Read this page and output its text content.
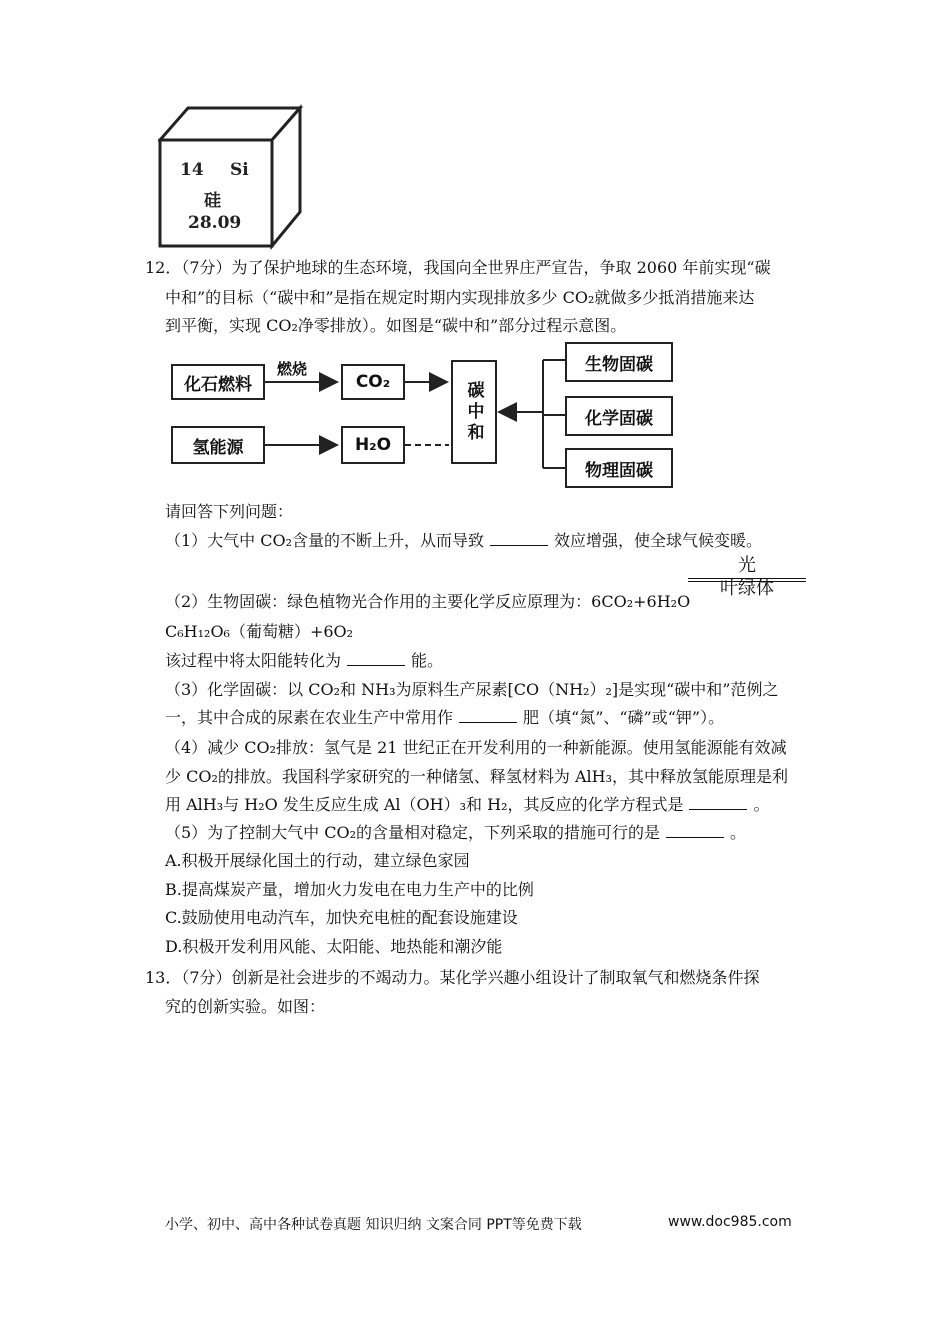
14 Si
硅
28.09
12．（7分）为了保护地球的生态环境，我国向全世界庄严宣告，争取 2060 年前实现“碳
中和”的目标（“碳中和”是指在规定时期内实现排放多少 CO₂就做多少抵消措施来达
到平衡，实现 CO₂净零排放）。如图是“碳中和”部分过程示意图。
化石燃料
燃烧
CO₂
氢能源	H₂O
碳中和
生物固碳
化学固碳
物理固碳
请回答下列问题：
（1）大气中 CO₂含量的不断上升，从而导致	效应增强，使全球气候变暖。
光
叶绿体
（2）生物固碳：绿色植物光合作用的主要化学反应原理为：6CO₂+6H₂O
C₆H₁₂O₆（葡萄糖）+6O₂
该过程中将太阳能转化为	能。
（3）化学固碳：以 CO₂和 NH₃为原料生产尿素[CO（NH₂）₂]是实现“碳中和”范例之
一，其中合成的尿素在农业生产中常用作	肥（填“氮”、“磷”或“钾”）。
（4）减少 CO₂排放：氢气是 21 世纪正在开发利用的一种新能源。使用氢能源能有效减
少 CO₂的排放。我国科学家研究的一种储氢、释氢材料为 AlH₃，其中释放氢能原理是利
用 AlH₃与 H₂O 发生反应生成 Al（OH）₃和 H₂，其反应的化学方程式是	。
（5）为了控制大气中 CO₂的含量相对稳定，下列采取的措施可行的是	。
A.积极开展绿化国土的行动，建立绿色家园
B.提高煤炭产量，增加火力发电在电力生产中的比例
C.鼓励使用电动汽车，加快充电桩的配套设施建设
D.积极开发利用风能、太阳能、地热能和潮汐能
13．（7分）创新是社会进步的不竭动力。某化学兴趣小组设计了制取氧气和燃烧条件探
究的创新实验。如图：
小学、初中、高中各种试卷真题 知识归纳 文案合同 PPT等免费下载	www.doc985.com
